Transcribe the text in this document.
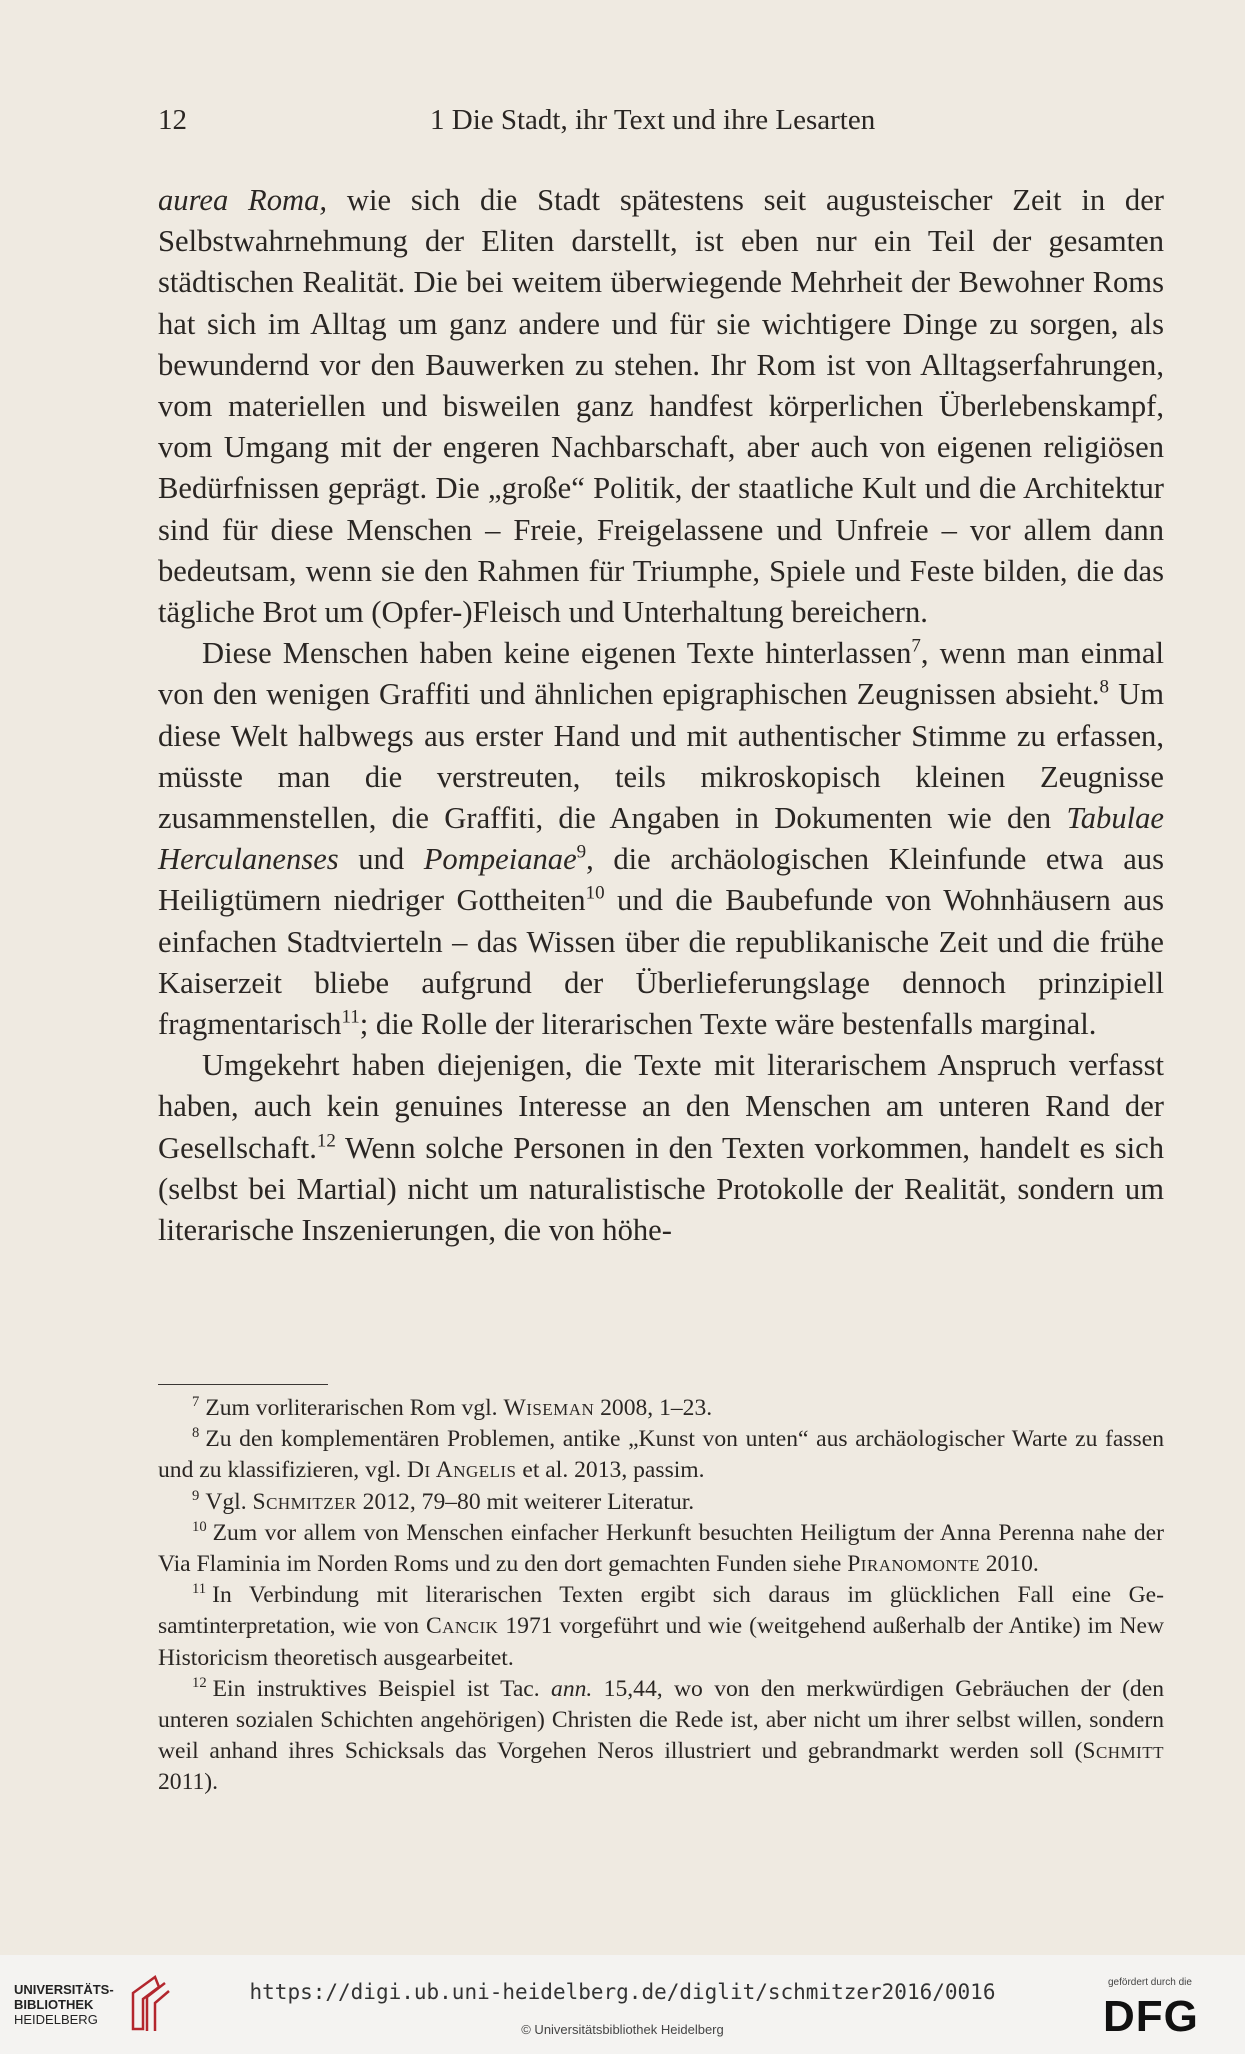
12	1 Die Stadt, ihr Text und ihre Lesarten

aurea Roma, wie sich die Stadt spätestens seit augusteischer Zeit in der Selbstwahrnehmung der Eliten darstellt, ist eben nur ein Teil der gesamten städtischen Realität. Die bei weitem überwiegende Mehrheit der Bewohner Roms hat sich im Alltag um ganz andere und für sie wichtigere Dinge zu sorgen, als bewundernd vor den Bauwerken zu stehen. Ihr Rom ist von Alltagserfahrungen, vom materiellen und bisweilen ganz handfest körperlichen Überlebenskampf, vom Umgang mit der engeren Nachbarschaft, aber auch von eigenen religiösen Bedürfnissen geprägt. Die „große“ Politik, der staatliche Kult und die Architektur sind für diese Menschen – Freie, Freigelassene und Unfreie – vor allem dann bedeutsam, wenn sie den Rahmen für Triumphe, Spiele und Feste bilden, die das tägliche Brot um (Opfer-)Fleisch und Unterhaltung bereichern.

Diese Menschen haben keine eigenen Texte hinterlassen$^7$, wenn man einmal von den wenigen Graffiti und ähnlichen epigraphischen Zeugnissen absieht.$^8$ Um diese Welt halbwegs aus erster Hand und mit authentischer Stimme zu erfassen, müsste man die verstreuten, teils mikroskopisch kleinen Zeugnisse zusammenstellen, die Graffiti, die Angaben in Dokumenten wie den Tabulae Herculanenses und Pompeianae$^9$, die archäologischen Kleinfunde etwa aus Heiligtümern niedriger Gottheiten$^{10}$ und die Baubefunde von Wohnhäusern aus einfachen Stadtvierteln – das Wissen über die republikanische Zeit und die frühe Kaiserzeit bliebe aufgrund der Überlieferungslage dennoch prinzipiell fragmentarisch$^{11}$; die Rolle der literarischen Texte wäre bestenfalls marginal.

Umgekehrt haben diejenigen, die Texte mit literarischem Anspruch verfasst haben, auch kein genuines Interesse an den Menschen am unteren Rand der Gesellschaft.$^{12}$ Wenn solche Personen in den Texten vorkommen, handelt es sich (selbst bei Martial) nicht um naturalistische Protokolle der Realität, sondern um literarische Inszenierungen, die von höhe-

$^7$ Zum vorliterarischen Rom vgl. Wiseman 2008, 1–23.

$^8$ Zu den komplementären Problemen, antike „Kunst von unten“ aus archäologischer Warte zu fassen und zu klassifizieren, vgl. Di Angelis et al. 2013, passim.

$^9$ Vgl. Schmitzer 2012, 79–80 mit weiterer Literatur.

$^{10}$ Zum vor allem von Menschen einfacher Herkunft besuchten Heiligtum der Anna Perenna nahe der Via Flaminia im Norden Roms und zu den dort gemachten Funden siehe Piranomonte 2010.

$^{11}$ In Verbindung mit literarischen Texten ergibt sich daraus im glücklichen Fall eine Gesamtinterpretation, wie von Cancik 1971 vorgeführt und wie (weitgehend außerhalb der Antike) im New Historicism theoretisch ausgearbeitet.

$^{12}$ Ein instruktives Beispiel ist Tac. ann. 15,44, wo von den merkwürdigen Gebräuchen der (den unteren sozialen Schichten angehörigen) Christen die Rede ist, aber nicht um ihrer selbst willen, sondern weil anhand ihres Schicksals das Vorgehen Neros illustriert und gebrandmarkt werden soll (Schmitt 2011).

UNIVERSITÄTS-
BIBLIOTHEK
HEIDELBERG
https://digi.ub.uni-heidelberg.de/diglit/schmitzer2016/0016
© Universitätsbibliothek Heidelberg
gefördert durch die
DFG
